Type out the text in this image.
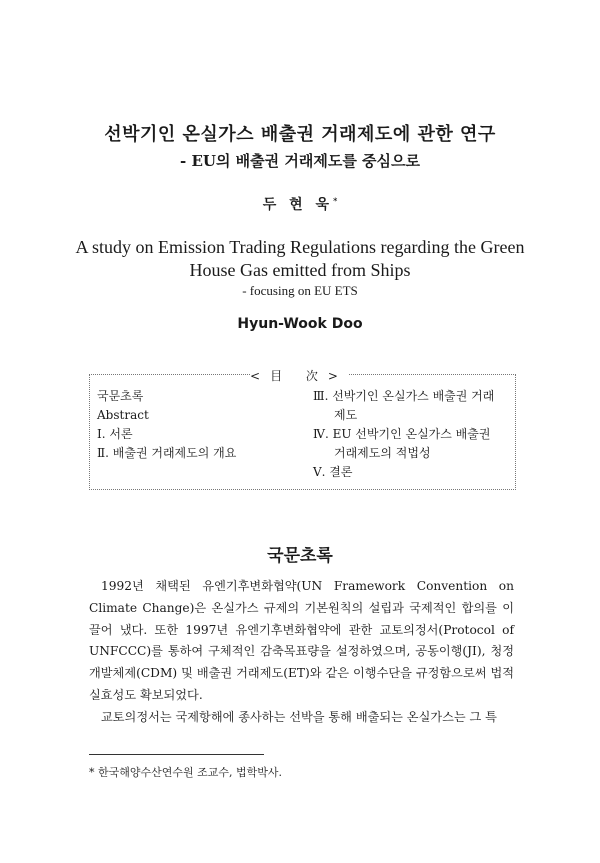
선박기인 온실가스 배출권 거래제도에 관한 연구
- EU의 배출권 거래제도를 중심으로
두 현 욱*
A study on Emission Trading Regulations regarding the Green House Gas emitted from Ships
- focusing on EU ETS
Hyun-Wook Doo
<目 次>
국문초록
Abstract
Ⅰ. 서론
Ⅱ. 배출권 거래제도의 개요
Ⅲ. 선박기인 온실가스 배출권 거래
제도
Ⅳ. EU 선박기인 온실가스 배출권
거래제도의 적법성
Ⅴ. 결론
국문초록

1992년 채택된 유엔기후변화협약(UN Framework Convention on Climate Change)은 온실가스 규제의 기본원칙의 설립과 국제적인 합의를 이끌어 냈다. 또한 1997년 유엔기후변화협약에 관한 교토의정서(Protocol of UNFCCC)를 통하여 구체적인 감축목표량을 설정하였으며, 공동이행(JI), 청정개발체제(CDM) 및 배출권 거래제도(ET)와 같은 이행수단을 규정함으로써 법적 실효성도 확보되었다.

교토의정서는 국제항해에 종사하는 선박을 통해 배출되는 온실가스는 그 특

* 한국해양수산연수원 조교수, 법학박사.
